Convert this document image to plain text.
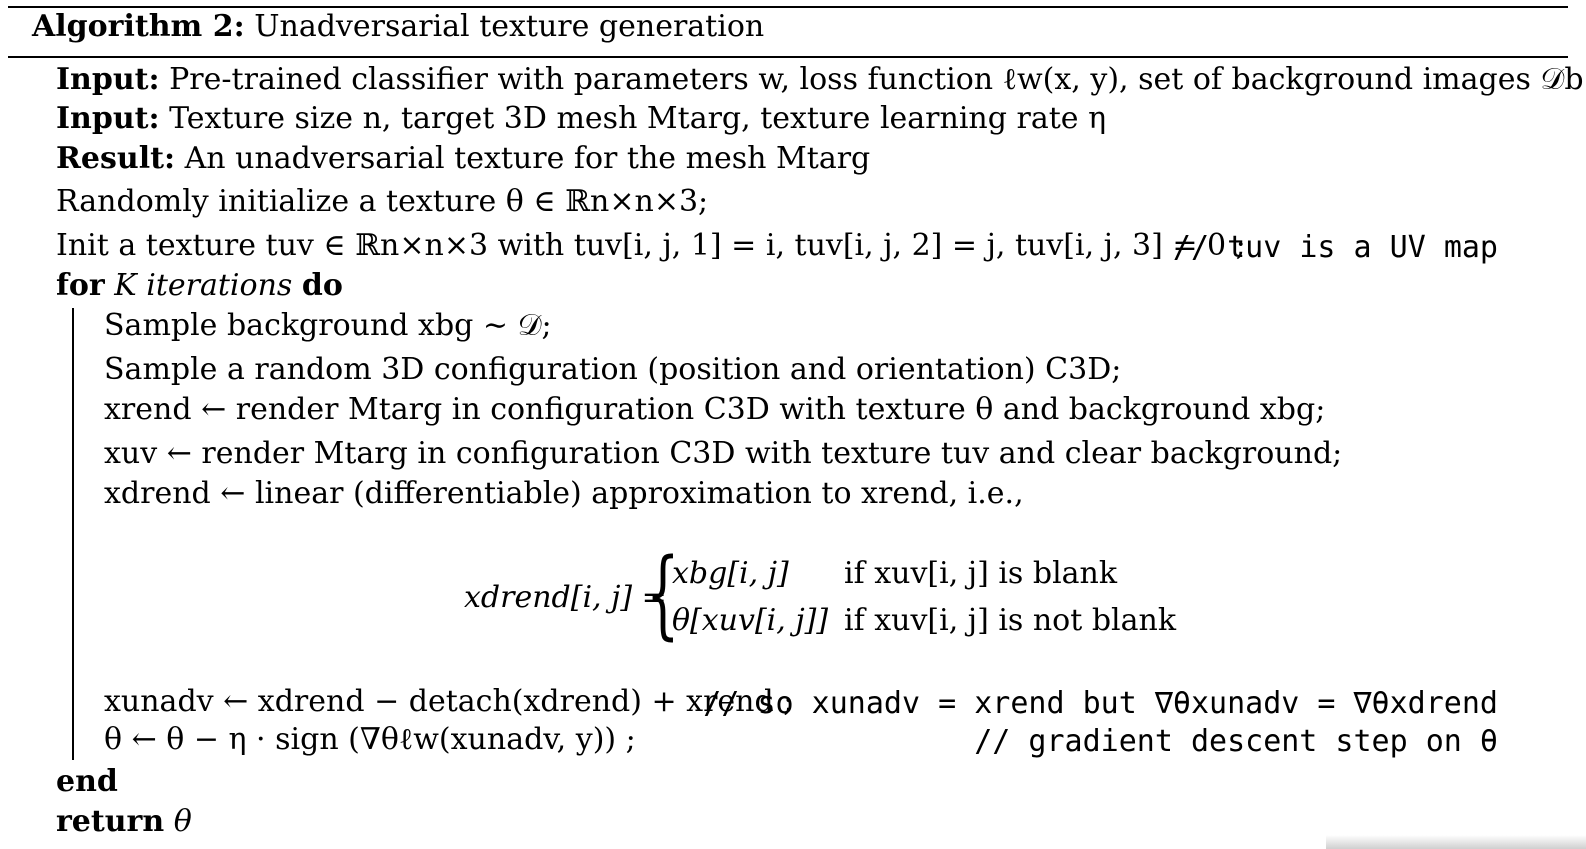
Algorithm 2: Unadversarial texture generation
Input: Pre-trained classifier with parameters w, loss function ℓw(x, y), set of background images 𝒟b
Input: Texture size n, target 3D mesh Mtarg, texture learning rate η
Result: An unadversarial texture for the mesh Mtarg
Randomly initialize a texture θ ∈ ℝn×n×3;
Init a texture tuv ∈ ℝn×n×3 with tuv[i, j, 1] = i, tuv[i, j, 2] = j, tuv[i, j, 3] = 0 ;
// tuv is a UV map
for K iterations do
Sample background xbg ∼ 𝒟;
Sample a random 3D configuration (position and orientation) C3D;
xrend ← render Mtarg in configuration C3D with texture θ and background xbg;
xuv ← render Mtarg in configuration C3D with texture tuv and clear background;
xdrend ← linear (differentiable) approximation to xrend, i.e.,
xdrend[i, j] =
{
xbg[i, j] if xuv[i, j] is blank
θ[xuv[i, j]] if xuv[i, j] is not blank
xunadv ← xdrend − detach(xdrend) + xrend ;
// so xunadv = xrend but ∇θxunadv = ∇θxdrend
θ ← θ − η · sign (∇θℓw(xunadv, y)) ;	// gradient descent step on θ
end
return θ
